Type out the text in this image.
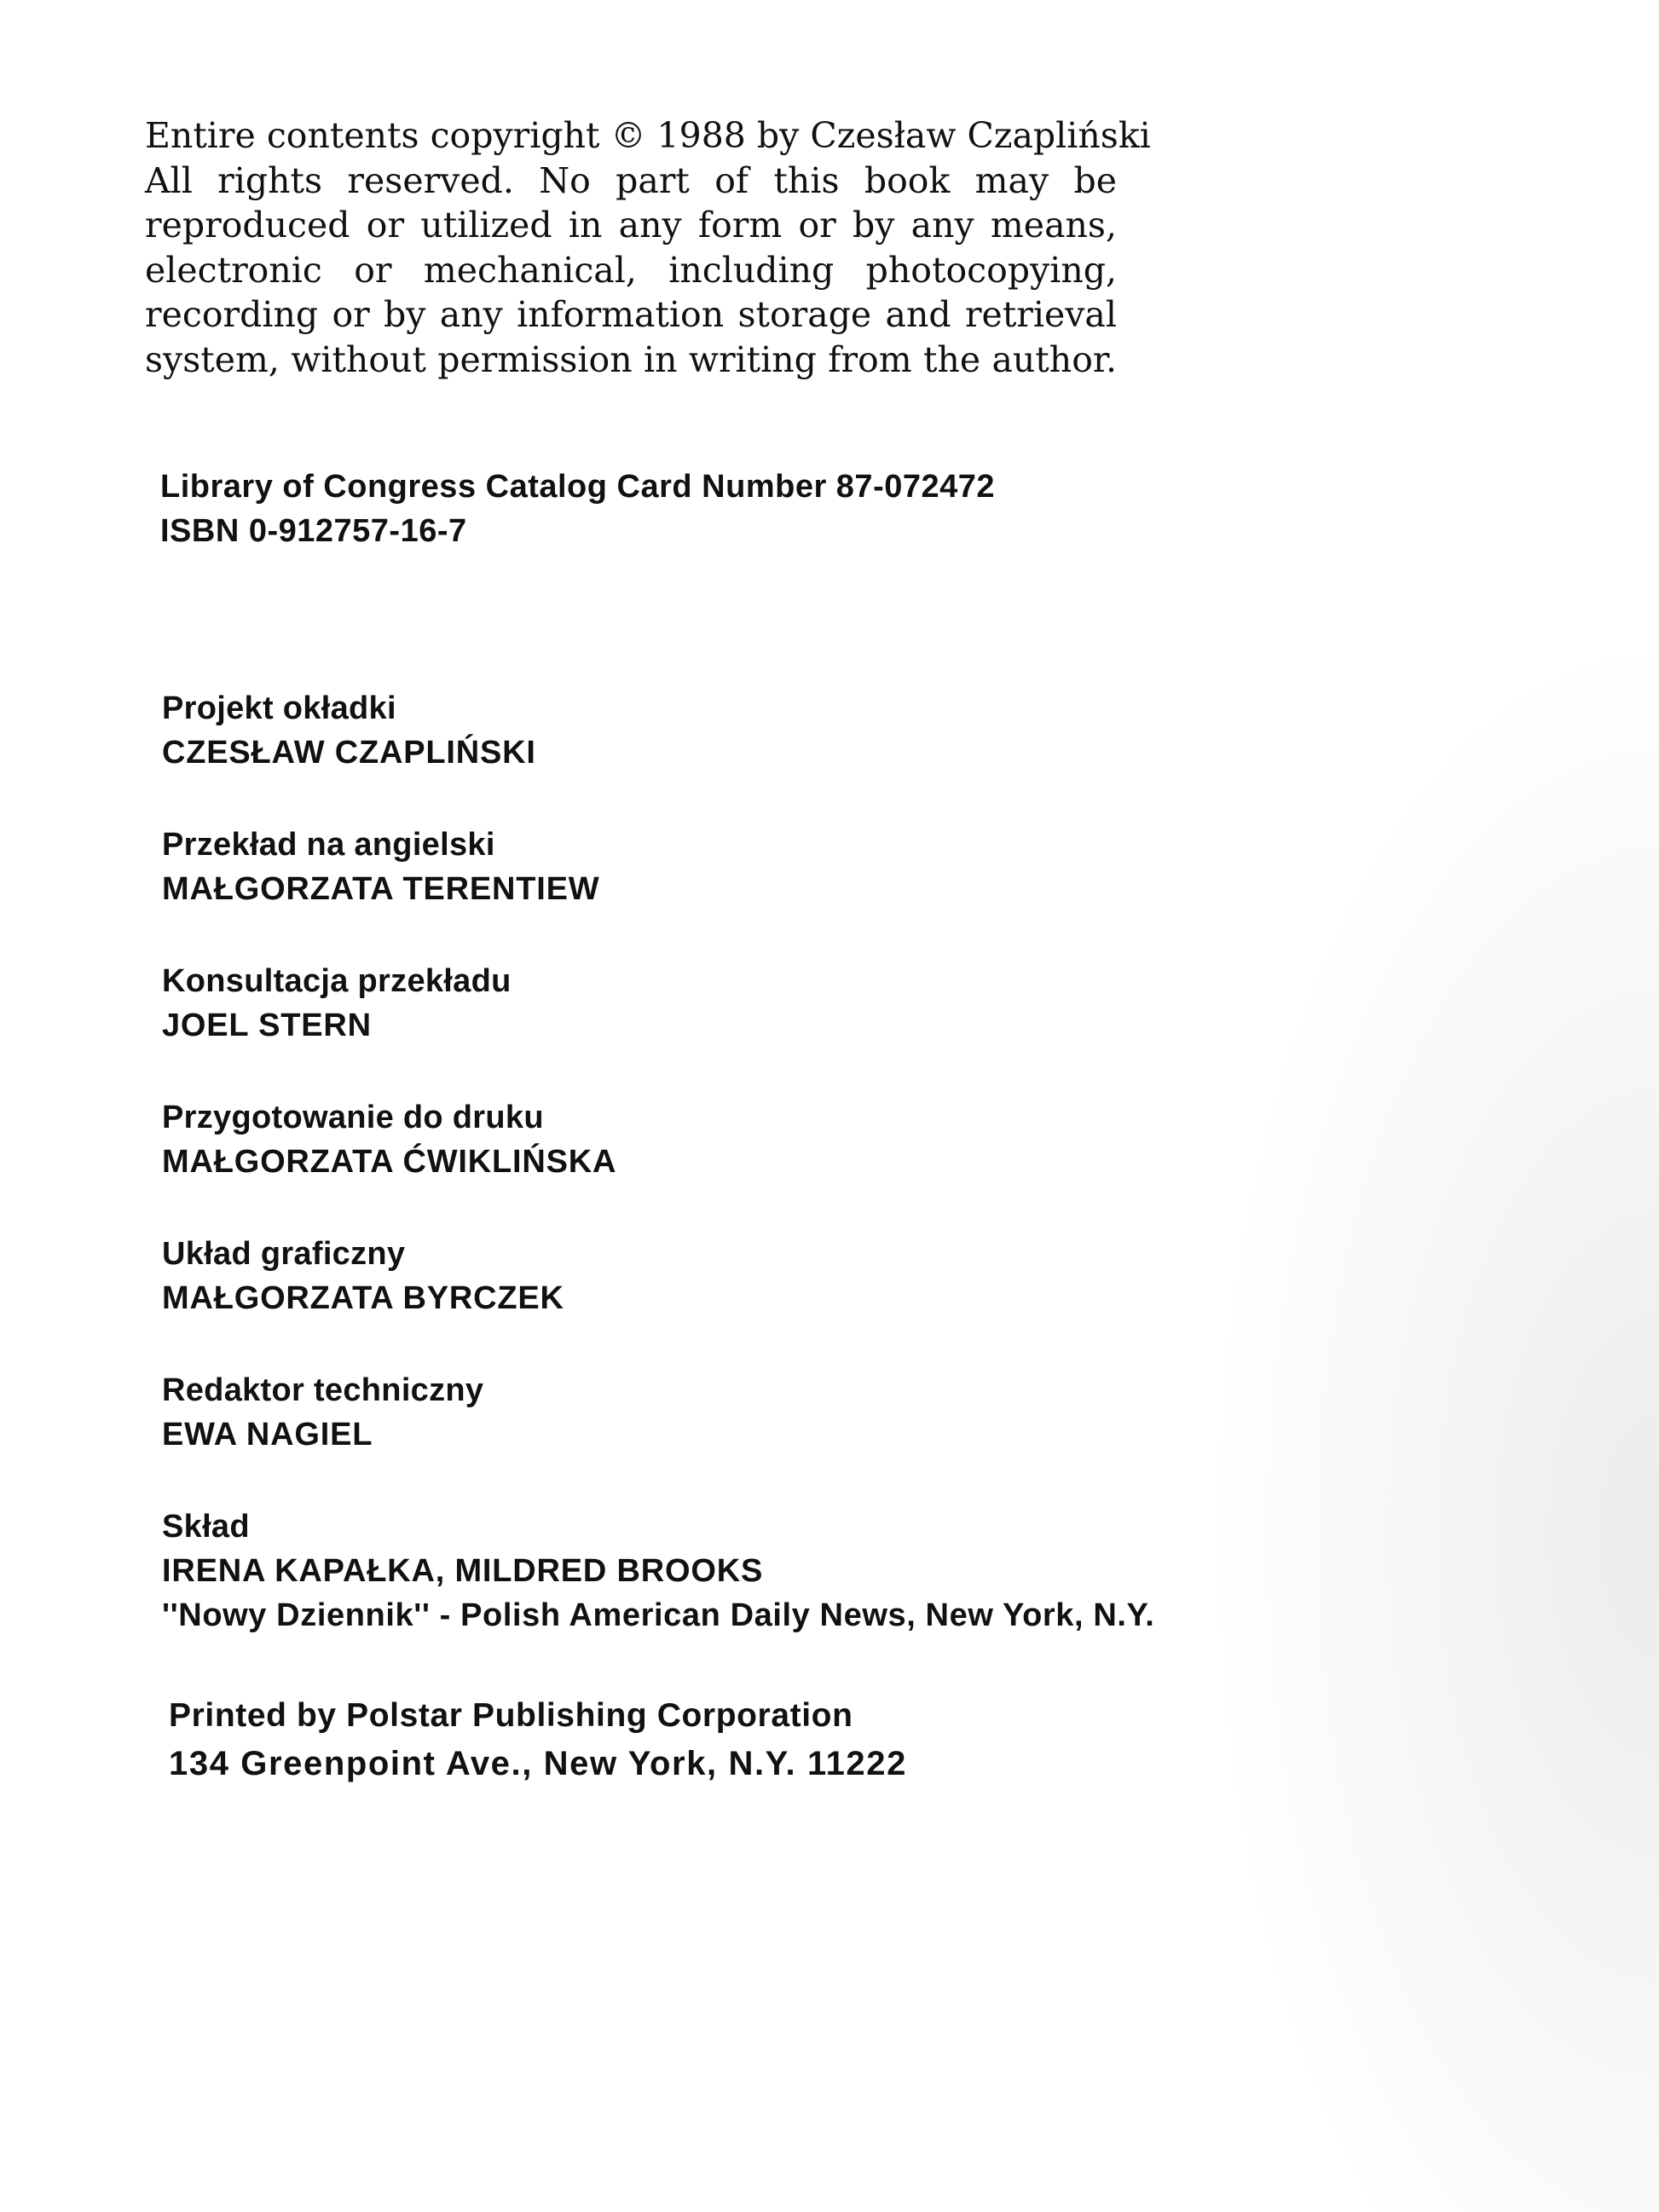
Entire contents copyright © 1988 by Czesław Czapliński
All rights reserved. No part of this book may be
reproduced or utilized in any form or by any means,
electronic or mechanical, including photocopying,
recording or by any information storage and retrieval
system, without permission in writing from the author.
Library of Congress Catalog Card Number 87-072472
ISBN 0-912757-16-7
Projekt okładki
CZESŁAW CZAPLIŃSKI
Przekład na angielski
MAŁGORZATA TERENTIEW
Konsultacja przekładu
JOEL STERN
Przygotowanie do druku
MAŁGORZATA ĆWIKLIŃSKA
Układ graficzny
MAŁGORZATA BYRCZEK
Redaktor techniczny
EWA NAGIEL
Skład
IRENA KAPAŁKA, MILDRED BROOKS
''Nowy Dziennik'' - Polish American Daily News, New York, N.Y.
Printed by Polstar Publishing Corporation
134 Greenpoint Ave., New York, N.Y. 11222
